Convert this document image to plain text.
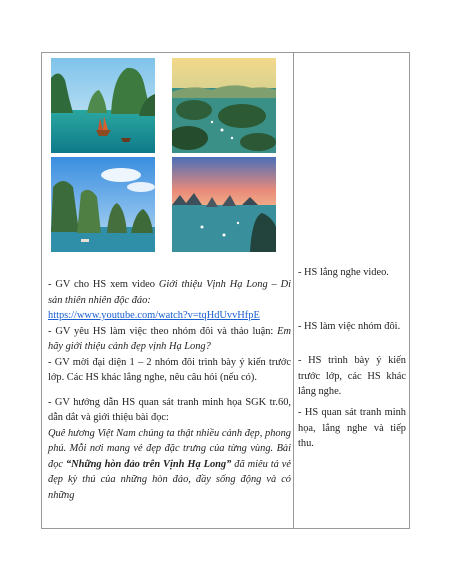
- GV cho HS xem video Giới thiệu Vịnh Hạ Long – Di sản thiên nhiên độc đáo:

https://www.youtube.com/watch?v=tqHdUvvHfpE

- GV yêu HS làm việc theo nhóm đôi và thảo luận: Em hãy giới thiệu cảnh đẹp vịnh Hạ Long?

- GV mời đại diện 1 – 2 nhóm đôi trình bày ý kiến trước lớp. Các HS khác lắng nghe, nêu câu hỏi (nếu có).

- GV hướng dẫn HS quan sát tranh minh họa SGK tr.60, dẫn dắt và giới thiệu bài đọc:

Quê hương Việt Nam chúng ta thật nhiều cảnh đẹp, phong phú. Mỗi nơi mang vẻ đẹp đặc trưng của từng vùng. Bài đọc “Những hòn đảo trên Vịnh Hạ Long” đã miêu tả vẻ đẹp kỳ thú của những hòn đảo, đầy sống động và có những

- HS lắng nghe video.

- HS làm việc nhóm đôi.

- HS trình bày ý kiến trước lớp, các HS khác lắng nghe.

- HS quan sát tranh minh họa, lắng nghe và tiếp thu.
